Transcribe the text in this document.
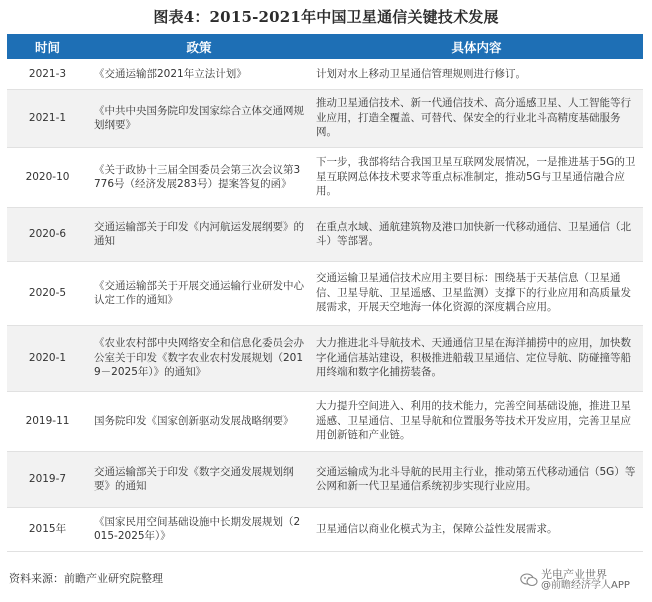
图表4：2015-2021年中国卫星通信关键技术发展
时间	政策	具体内容
2021-3	《交通运输部2021年立法计划》	计划对水上移动卫星通信管理规则进行修订。
2021-1	《中共中央国务院印发国家综合立体交通网规划纲要》	推动卫星通信技术、新一代通信技术、高分遥感卫星、人工智能等行业应用，打造全覆盖、可替代、保安全的行业北斗高精度基础服务网。
2020-10	《关于政协十三届全国委员会第三次会议第3776号（经济发展283号）提案答复的函》	下一步，我部将结合我国卫星互联网发展情况，一是推进基于5G的卫星互联网总体技术要求等重点标准制定，推动5G与卫星通信融合应用。
2020-6	交通运输部关于印发《内河航运发展纲要》的通知	在重点水域、通航建筑物及港口加快新一代移动通信、卫星通信（北斗）等部署。
2020-5	《交通运输部关于开展交通运输行业研发中心认定工作的通知》	交通运输卫星通信技术应用主要目标：围绕基于天基信息（卫星通信、卫星导航、卫星遥感、卫星监测）支撑下的行业应用和高质量发展需求，开展天空地海一体化资源的深度耦合应用。
2020-1	《农业农村部中央网络安全和信息化委员会办公室关于印发《数字农业农村发展规划（2019－2025年）》的通知》	大力推进北斗导航技术、天通通信卫星在海洋捕捞中的应用，加快数字化通信基站建设，积极推进船载卫星通信、定位导航、防碰撞等船用终端和数字化捕捞装备。
2019-11	国务院印发《国家创新驱动发展战略纲要》	大力提升空间进入、利用的技术能力，完善空间基础设施，推进卫星遥感、卫星通信、卫星导航和位置服务等技术开发应用，完善卫星应用创新链和产业链。
2019-7	交通运输部关于印发《数字交通发展规划纲要》的通知	交通运输成为北斗导航的民用主行业，推动第五代移动通信（5G）等公网和新一代卫星通信系统初步实现行业应用。
2015年	《国家民用空间基础设施中长期发展规划（2015-2025年）》	卫星通信以商业化模式为主，保障公益性发展需求。
资料来源：前瞻产业研究院整理	光电产业世界
@前瞻经济学人APP
